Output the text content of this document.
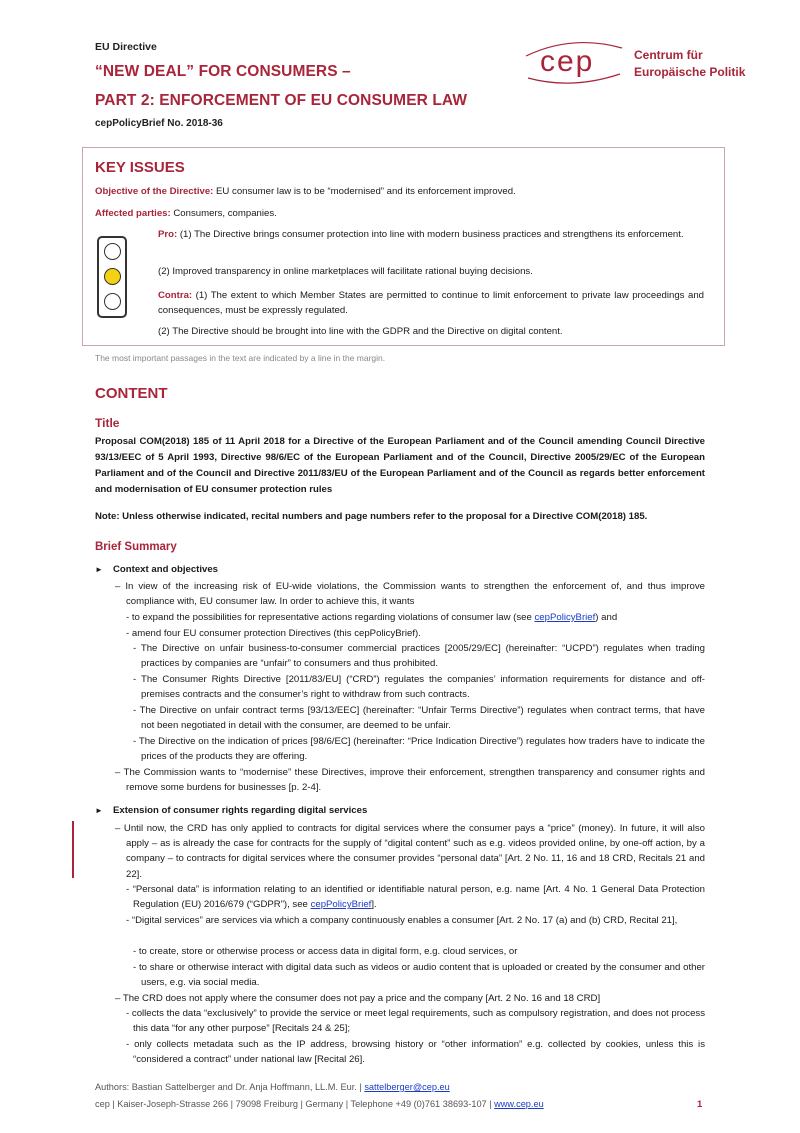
EU Directive
“NEW DEAL” FOR CONSUMERS –
PART 2: ENFORCEMENT OF EU CONSUMER LAW
cepPolicyBrief No. 2018-36
cep	Centrum für
Europäische Politik
KEY ISSUES
Objective of the Directive: EU consumer law is to be “modernised” and its enforcement improved.
Affected parties: Consumers, companies.
Pro: (1) The Directive brings consumer protection into line with modern business practices and strengthens its enforcement.
(2) Improved transparency in online marketplaces will facilitate rational buying decisions.
Contra: (1) The extent to which Member States are permitted to continue to limit enforcement to private law proceedings and consequences, must be expressly regulated.
(2) The Directive should be brought into line with the GDPR and the Directive on digital content.
The most important passages in the text are indicated by a line in the margin.
CONTENT
Title
Proposal COM(2018) 185 of 11 April 2018 for a Directive of the European Parliament and of the Council amending Council Directive 93/13/EEC of 5 April 1993, Directive 98/6/EC of the European Parliament and of the Council, Directive 2005/29/EC of the European Parliament and of the Council and Directive 2011/83/EU of the European Parliament and of the Council as regards better enforcement and modernisation of EU consumer protection rules
Note: Unless otherwise indicated, recital numbers and page numbers refer to the proposal for a Directive COM(2018) 185.
Brief Summary
► Context and objectives
– In view of the increasing risk of EU-wide violations, the Commission wants to strengthen the enforcement of, and thus improve compliance with, EU consumer law. In order to achieve this, it wants
- to expand the possibilities for representative actions regarding violations of consumer law (see cepPolicyBrief) and
- amend four EU consumer protection Directives (this cepPolicyBrief).
- The Directive on unfair business-to-consumer commercial practices [2005/29/EC] (hereinafter: “UCPD”) regulates when trading practices by companies are “unfair” to consumers and thus prohibited.
- The Consumer Rights Directive [2011/83/EU] (“CRD”) regulates the companies’ information requirements for distance and off-premises contracts and the consumer’s right to withdraw from such contracts.
- The Directive on unfair contract terms [93/13/EEC] (hereinafter: “Unfair Terms Directive”) regulates when contract terms, that have not been negotiated in detail with the consumer, are deemed to be unfair.
- The Directive on the indication of prices [98/6/EC] (hereinafter: “Price Indication Directive”) regulates how traders have to indicate the prices of the products they are offering.
– The Commission wants to “modernise” these Directives, improve their enforcement, strengthen transparency and consumer rights and remove some burdens for businesses [p. 2-4].
► Extension of consumer rights regarding digital services
– Until now, the CRD has only applied to contracts for digital services where the consumer pays a “price” (money). In future, it will also apply – as is already the case for contracts for the supply of “digital content” such as e.g. videos provided online, by one-off action, by a company – to contracts for digital services where the consumer provides “personal data” [Art. 2 No. 11, 16 and 18 CRD, Recitals 21 and 22].
- “Personal data” is information relating to an identified or identifiable natural person, e.g. name [Art. 4 No. 1 General Data Protection Regulation (EU) 2016/679 (“GDPR”), see cepPolicyBrief].
- “Digital services” are services via which a company continuously enables a consumer [Art. 2 No. 17 (a) and (b) CRD, Recital 21],
- to create, store or otherwise process or access data in digital form, e.g. cloud services, or
- to share or otherwise interact with digital data such as videos or audio content that is uploaded or created by the consumer and other users, e.g. via social media.
– The CRD does not apply where the consumer does not pay a price and the company [Art. 2 No. 16 and 18 CRD]
- collects the data “exclusively” to provide the service or meet legal requirements, such as compulsory registration, and does not process this data “for any other purpose” [Recitals 24 & 25];
- only collects metadata such as the IP address, browsing history or “other information” e.g. collected by cookies, unless this is “considered a contract” under national law [Recital 26].
Authors: Bastian Sattelberger and Dr. Anja Hoffmann, LL.M. Eur. | sattelberger@cep.eu
cep | Kaiser-Joseph-Strasse 266 | 79098 Freiburg | Germany | Telephone +49 (0)761 38693-107 | www.cep.eu	1
